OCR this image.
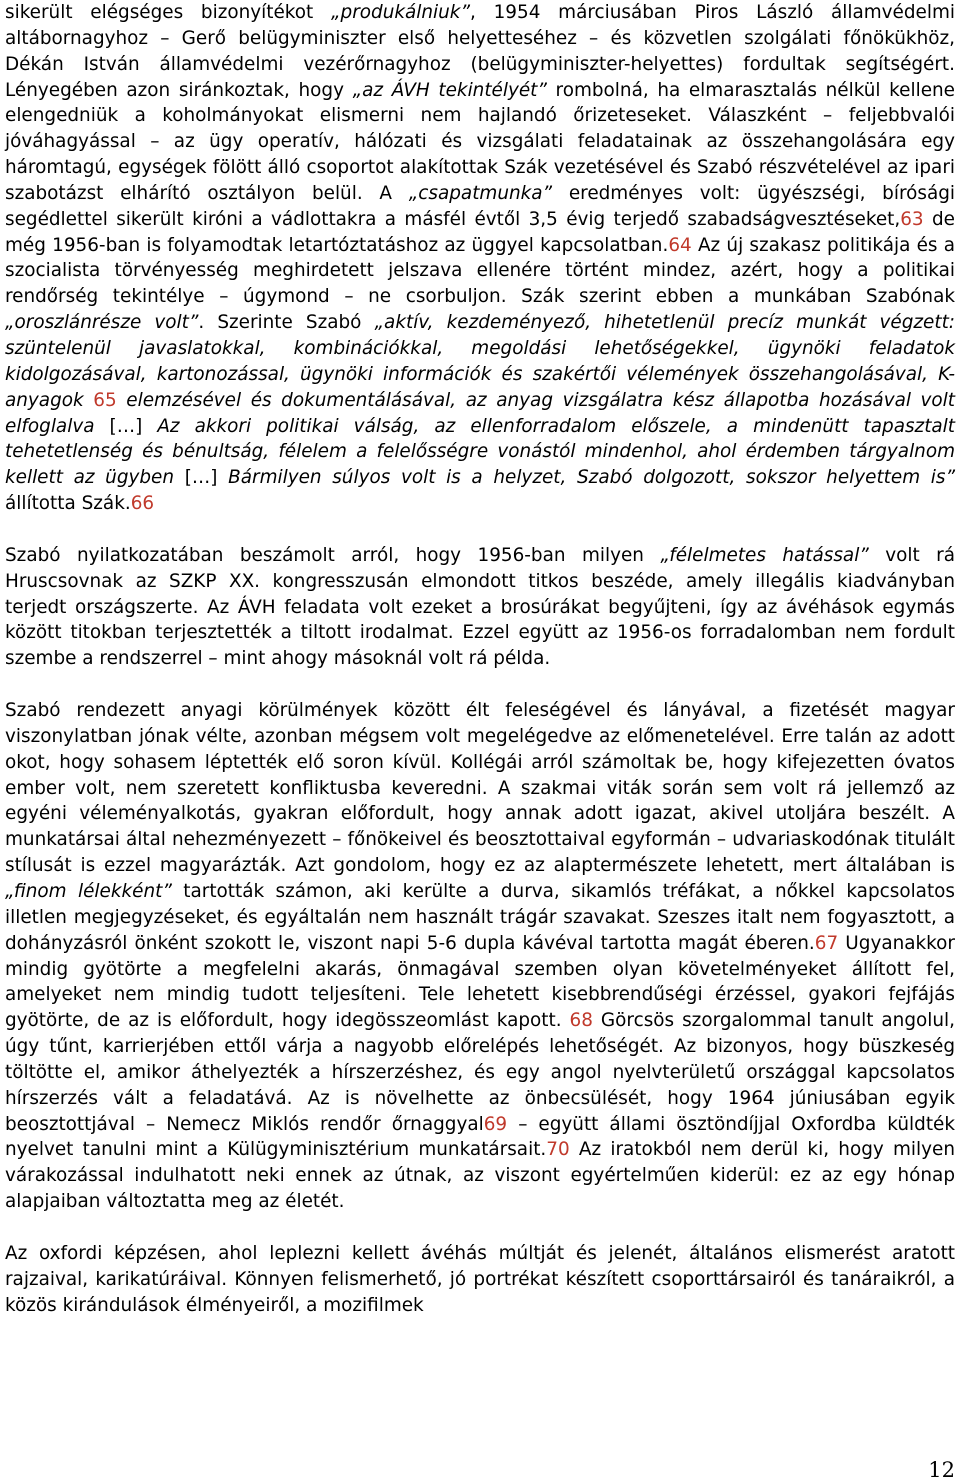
sikerült elégséges bizonyítékot „produkálniuk”, 1954 márciusában Piros László államvédelmi altábornagyhoz – Gerő belügyminiszter első helyetteséhez – és közvetlen szolgálati főnökükhöz, Dékán István államvédelmi vezérőrnagyhoz (belügyminiszter-helyettes) fordultak segítségért. Lényegében azon siránkoztak, hogy „az ÁVH tekintélyét” rombolná, ha elmarasztalás nélkül kellene elengedniük a koholmányokat elismerni nem hajlandó őrizeteseket. Válaszként – feljebbvalói jóváhagyással – az ügy operatív, hálózati és vizsgálati feladatainak az összehangolására egy háromtagú, egységek fölött álló csoportot alakítottak Szák vezetésével és Szabó részvételével az ipari szabotázst elhárító osztályon belül. A „csapatmunka” eredményes volt: ügyészségi, bírósági segédlettel sikerült kiróni a vádlottakra a másfél évtől 3,5 évig terjedő szabadságvesztéseket,63 de még 1956-ban is folyamodtak letartóztatáshoz az üggyel kapcsolatban.64 Az új szakasz politikája és a szocialista törvényesség meghirdetett jelszava ellenére történt mindez, azért, hogy a politikai rendőrség tekintélye – úgymond – ne csorbuljon. Szák szerint ebben a munkában Szabónak „oroszlánrésze volt”. Szerinte Szabó „aktív, kezdeményező, hihetetlenül precíz munkát végzett: szüntelenül javaslatokkal, kombinációkkal, megoldási lehetőségekkel, ügynöki feladatok kidolgozásával, kartonozással, ügynöki információk és szakértői vélemények összehangolásával, K-anyagok 65 elemzésével és dokumentálásával, az anyag vizsgálatra kész állapotba hozásával volt elfoglalva […] Az akkori politikai válság, az ellenforradalom előszele, a mindenütt tapasztalt tehetetlenség és bénultság, félelem a felelősségre vonástól mindenhol, ahol érdemben tárgyalnom kellett az ügyben […] Bármilyen súlyos volt is a helyzet, Szabó dolgozott, sokszor helyettem is” állította Szák.66

Szabó nyilatkozatában beszámolt arról, hogy 1956-ban milyen „félelmetes hatással” volt rá Hruscsovnak az SZKP XX. kongresszusán elmondott titkos beszéde, amely illegális kiadványban terjedt országszerte. Az ÁVH feladata volt ezeket a brosúrákat begyűjteni, így az ávéhások egymás között titokban terjesztették a tiltott irodalmat. Ezzel együtt az 1956-os forradalomban nem fordult szembe a rendszerrel – mint ahogy másoknál volt rá példa.

Szabó rendezett anyagi körülmények között élt feleségével és lányával, a fizetését magyar viszonylatban jónak vélte, azonban mégsem volt megelégedve az előmenetelével. Erre talán az adott okot, hogy sohasem léptették elő soron kívül. Kollégái arról számoltak be, hogy kifejezetten óvatos ember volt, nem szeretett konfliktusba keveredni. A szakmai viták során sem volt rá jellemző az egyéni véleményalkotás, gyakran előfordult, hogy annak adott igazat, akivel utoljára beszélt. A munkatársai által nehezményezett – főnökeivel és beosztottaival egyformán – udvariaskodónak titulált stílusát is ezzel magyarázták. Azt gondolom, hogy ez az alaptermészete lehetett, mert általában is „finom lélekként” tartották számon, aki kerülte a durva, sikamlós tréfákat, a nőkkel kapcsolatos illetlen megjegyzéseket, és egyáltalán nem használt trágár szavakat. Szeszes italt nem fogyasztott, a dohányzásról önként szokott le, viszont napi 5-6 dupla kávéval tartotta magát éberen.67 Ugyanakkor mindig gyötörte a megfelelni akarás, önmagával szemben olyan követelményeket állított fel, amelyeket nem mindig tudott teljesíteni. Tele lehetett kisebbrendűségi érzéssel, gyakori fejfájás gyötörte, de az is előfordult, hogy idegösszeomlást kapott. 68 Görcsös szorgalommal tanult angolul, úgy tűnt, karrierjében ettől várja a nagyobb előrelépés lehetőségét. Az bizonyos, hogy büszkeség töltötte el, amikor áthelyezték a hírszerzéshez, és egy angol nyelvterületű országgal kapcsolatos hírszerzés vált a feladatává. Az is növelhette az önbecsülését, hogy 1964 júniusában egyik beosztottjával – Nemecz Miklós rendőr őrnaggyal69 – együtt állami ösztöndíjjal Oxfordba küldték nyelvet tanulni mint a Külügyminisztérium munkatársait.70 Az iratokból nem derül ki, hogy milyen várakozással indulhatott neki ennek az útnak, az viszont egyértelműen kiderül: ez az egy hónap alapjaiban változtatta meg az életét.

Az oxfordi képzésen, ahol leplezni kellett ávéhás múltját és jelenét, általános elismerést aratott rajzaival, karikatúráival. Könnyen felismerhető, jó portrékat készített csoporttársairól és tanáraikról, a közös kirándulások élményeiről, a mozifilmek

12
